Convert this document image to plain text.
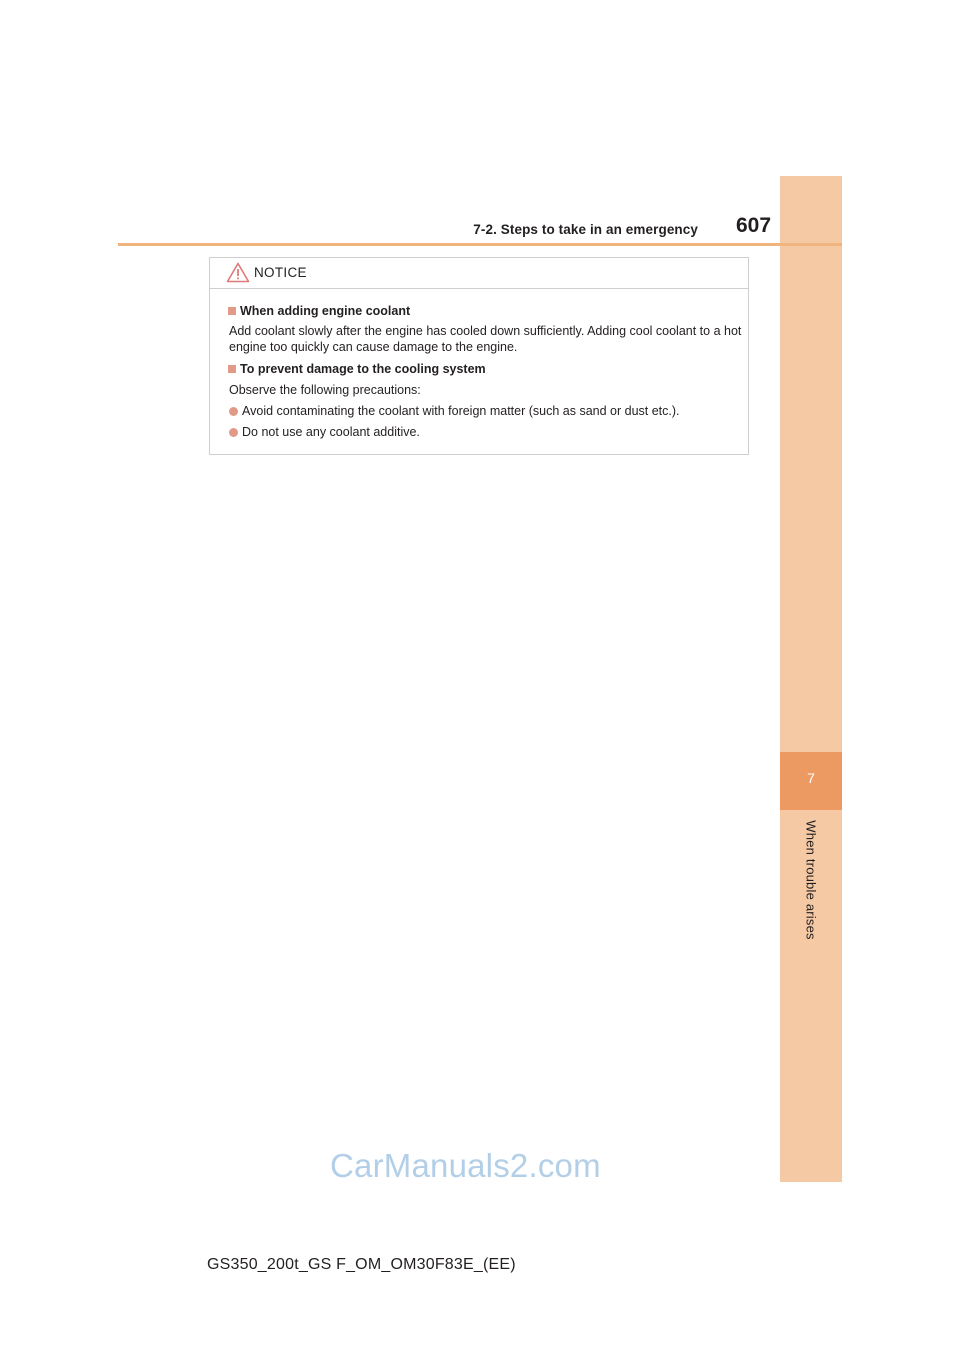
7
When trouble arises
7-2. Steps to take in an emergency 607
NOTICE
When adding engine coolant
Add coolant slowly after the engine has cooled down sufficiently. Adding cool coolant to a hot engine too quickly can cause damage to the engine.
To prevent damage to the cooling system
Observe the following precautions:
Avoid contaminating the coolant with foreign matter (such as sand or dust etc.).
Do not use any coolant additive.
CarManuals2.com
GS350_200t_GS F_OM_OM30F83E_(EE)
